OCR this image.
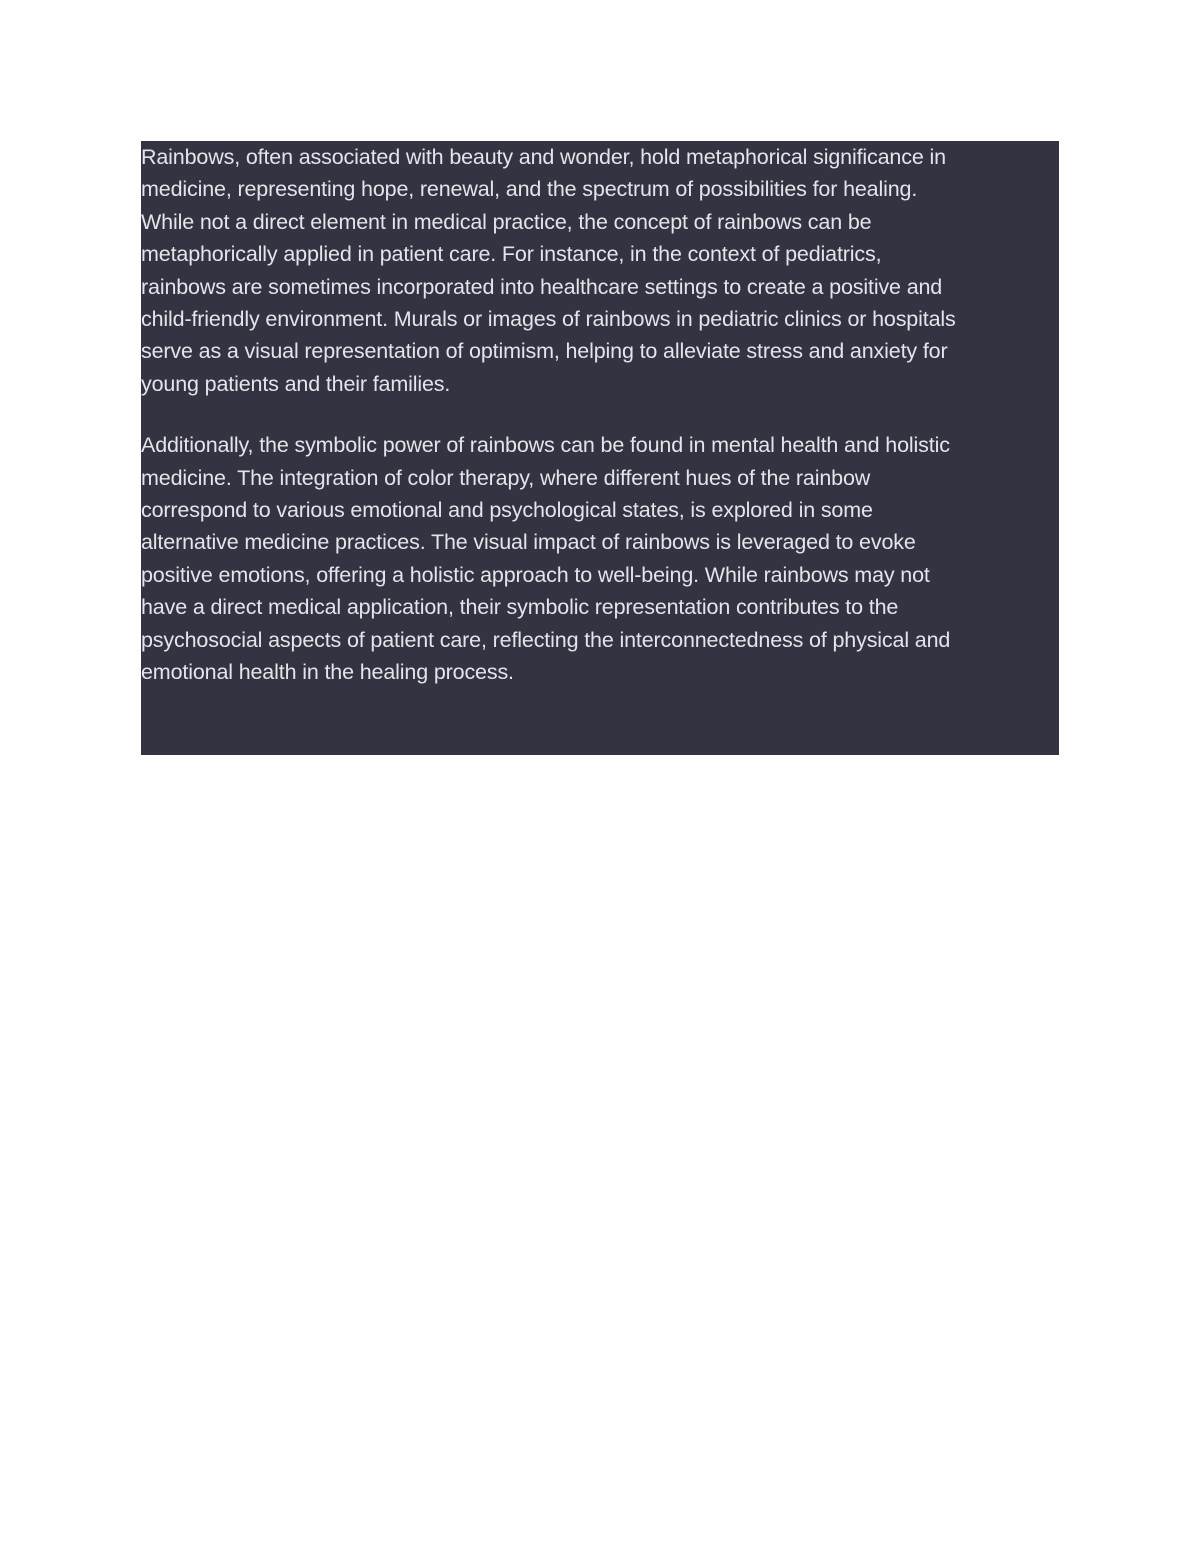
Rainbows, often associated with beauty and wonder, hold metaphorical significance in
medicine, representing hope, renewal, and the spectrum of possibilities for healing.
While not a direct element in medical practice, the concept of rainbows can be
metaphorically applied in patient care. For instance, in the context of pediatrics,
rainbows are sometimes incorporated into healthcare settings to create a positive and
child-friendly environment. Murals or images of rainbows in pediatric clinics or hospitals
serve as a visual representation of optimism, helping to alleviate stress and anxiety for
young patients and their families.

Additionally, the symbolic power of rainbows can be found in mental health and holistic
medicine. The integration of color therapy, where different hues of the rainbow
correspond to various emotional and psychological states, is explored in some
alternative medicine practices. The visual impact of rainbows is leveraged to evoke
positive emotions, offering a holistic approach to well-being. While rainbows may not
have a direct medical application, their symbolic representation contributes to the
psychosocial aspects of patient care, reflecting the interconnectedness of physical and
emotional health in the healing process.
